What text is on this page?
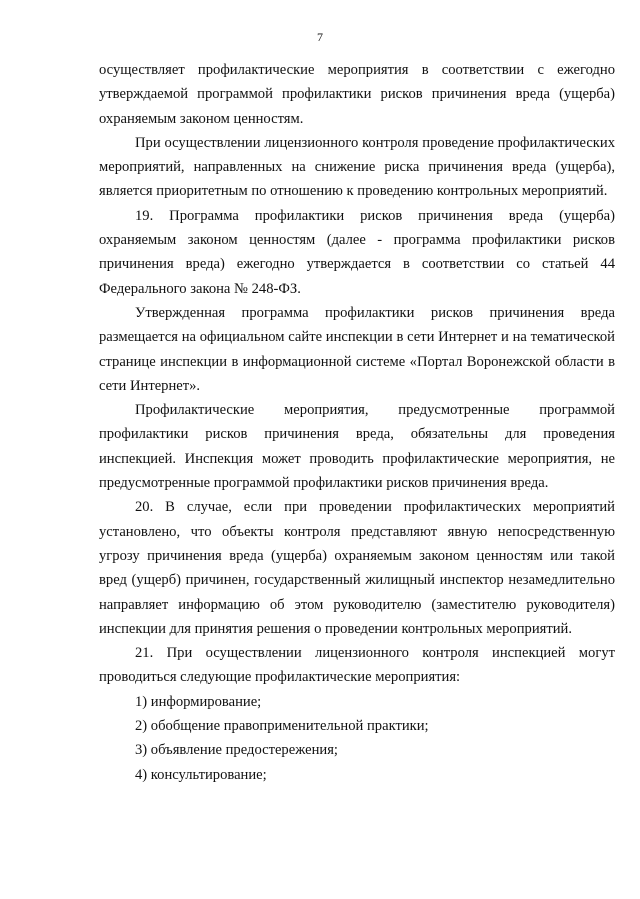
7

осуществляет профилактические мероприятия в соответствии с ежегодно утверждаемой программой профилактики рисков причинения вреда (ущерба) охраняемым законом ценностям.

При осуществлении лицензионного контроля проведение профилактических мероприятий, направленных на снижение риска причинения вреда (ущерба), является приоритетным по отношению к проведению контрольных мероприятий.

19. Программа профилактики рисков причинения вреда (ущерба) охраняемым законом ценностям (далее - программа профилактики рисков причинения вреда) ежегодно утверждается в соответствии со статьей 44 Федерального закона № 248-ФЗ.

Утвержденная программа профилактики рисков причинения вреда размещается на официальном сайте инспекции в сети Интернет и на тематической странице инспекции в информационной системе «Портал Воронежской области в сети Интернет».

Профилактические мероприятия, предусмотренные программой профилактики рисков причинения вреда, обязательны для проведения инспекцией. Инспекция может проводить профилактические мероприятия, не предусмотренные программой профилактики рисков причинения вреда.

20. В случае, если при проведении профилактических мероприятий установлено, что объекты контроля представляют явную непосредственную угрозу причинения вреда (ущерба) охраняемым законом ценностям или такой вред (ущерб) причинен, государственный жилищный инспектор незамедлительно направляет информацию об этом руководителю (заместителю руководителя) инспекции для принятия решения о проведении контрольных мероприятий.

21. При осуществлении лицензионного контроля инспекцией могут проводиться следующие профилактические мероприятия:

1) информирование;

2) обобщение правоприменительной практики;

3) объявление предостережения;

4) консультирование;
